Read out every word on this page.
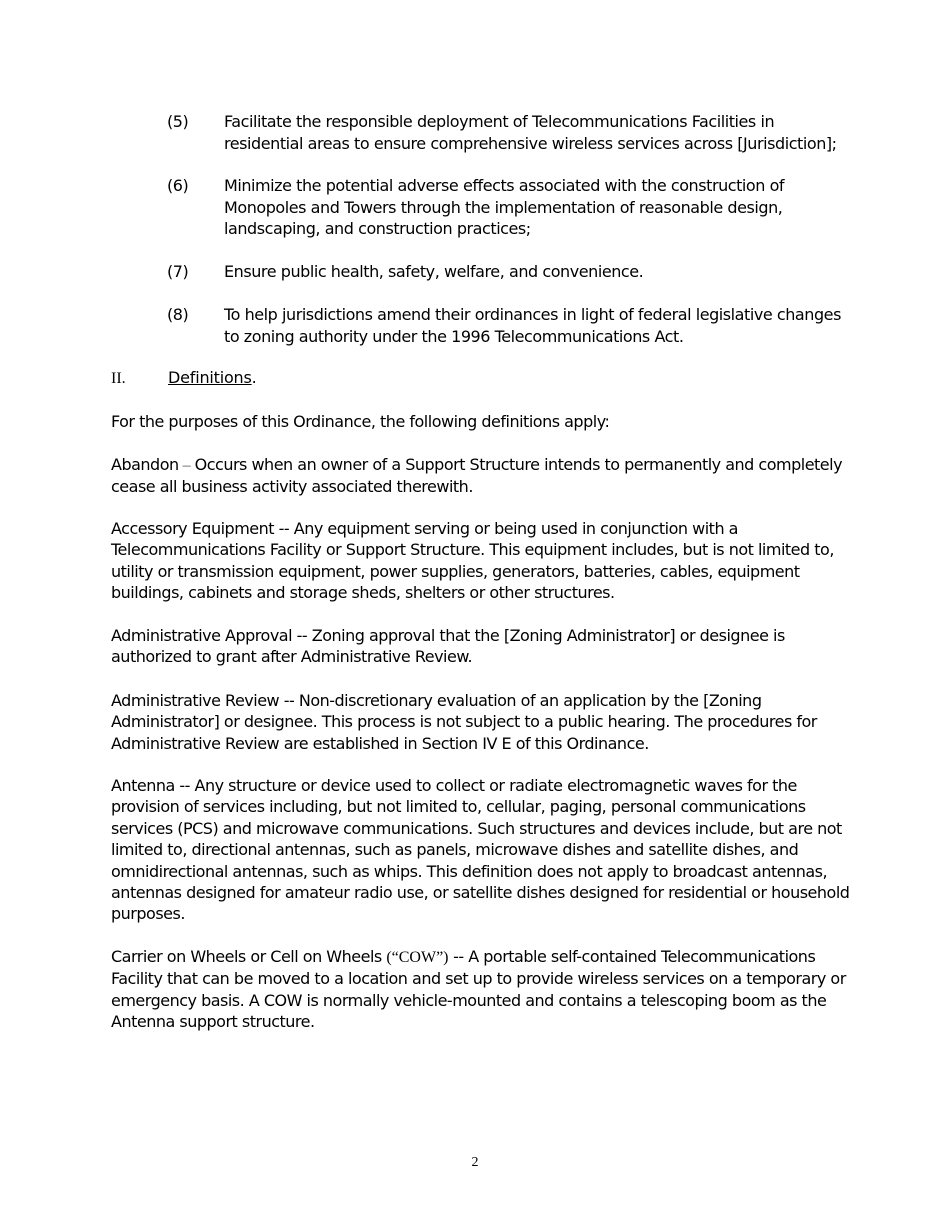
(5)	Facilitate the responsible deployment of Telecommunications Facilities in residential areas to ensure comprehensive wireless services across [Jurisdiction];
(6)	Minimize the potential adverse effects associated with the construction of Monopoles and Towers through the implementation of reasonable design, landscaping, and construction practices;
(7)	Ensure public health, safety, welfare, and convenience.
(8)	To help jurisdictions amend their ordinances in light of federal legislative changes to zoning authority under the 1996 Telecommunications Act.
II.	Definitions.
For the purposes of this Ordinance, the following definitions apply:
Abandon – Occurs when an owner of a Support Structure intends to permanently and completely cease all business activity associated therewith.
Accessory Equipment -- Any equipment serving or being used in conjunction with a Telecommunications Facility or Support Structure. This equipment includes, but is not limited to, utility or transmission equipment, power supplies, generators, batteries, cables, equipment buildings, cabinets and storage sheds, shelters or other structures.
Administrative Approval -- Zoning approval that the [Zoning Administrator] or designee is authorized to grant after Administrative Review.
Administrative Review -- Non-discretionary evaluation of an application by the [Zoning Administrator] or designee. This process is not subject to a public hearing. The procedures for Administrative Review are established in Section IV E of this Ordinance.
Antenna -- Any structure or device used to collect or radiate electromagnetic waves for the provision of services including, but not limited to, cellular, paging, personal communications services (PCS) and microwave communications. Such structures and devices include, but are not limited to, directional antennas, such as panels, microwave dishes and satellite dishes, and omnidirectional antennas, such as whips. This definition does not apply to broadcast antennas, antennas designed for amateur radio use, or satellite dishes designed for residential or household purposes.
Carrier on Wheels or Cell on Wheels (“COW”) -- A portable self-contained Telecommunications Facility that can be moved to a location and set up to provide wireless services on a temporary or emergency basis. A COW is normally vehicle-mounted and contains a telescoping boom as the Antenna support structure.
2
